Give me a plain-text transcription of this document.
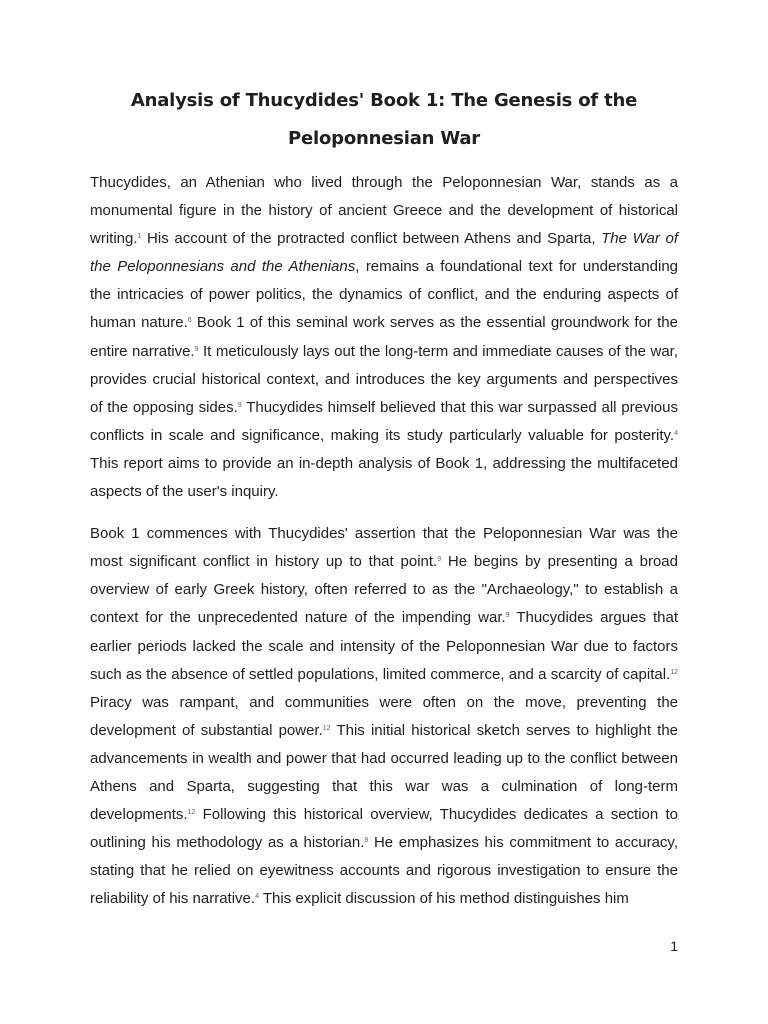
Analysis of Thucydides' Book 1: The Genesis of the
Peloponnesian War

Thucydides, an Athenian who lived through the Peloponnesian War, stands as a monumental figure in the history of ancient Greece and the development of historical writing.$^1$ His account of the protracted conflict between Athens and Sparta, The War of the Peloponnesians and the Athenians, remains a foundational text for understanding the intricacies of power politics, the dynamics of conflict, and the enduring aspects of human nature.$^6$ Book 1 of this seminal work serves as the essential groundwork for the entire narrative.$^9$ It meticulously lays out the long-term and immediate causes of the war, provides crucial historical context, and introduces the key arguments and perspectives of the opposing sides.$^9$ Thucydides himself believed that this war surpassed all previous conflicts in scale and significance, making its study particularly valuable for posterity.$^4$ This report aims to provide an in-depth analysis of Book 1, addressing the multifaceted aspects of the user's inquiry.

Book 1 commences with Thucydides' assertion that the Peloponnesian War was the most significant conflict in history up to that point.$^9$ He begins by presenting a broad overview of early Greek history, often referred to as the "Archaeology," to establish a context for the unprecedented nature of the impending war.$^9$ Thucydides argues that earlier periods lacked the scale and intensity of the Peloponnesian War due to factors such as the absence of settled populations, limited commerce, and a scarcity of capital.$^{12}$ Piracy was rampant, and communities were often on the move, preventing the development of substantial power.$^{12}$ This initial historical sketch serves to highlight the advancements in wealth and power that had occurred leading up to the conflict between Athens and Sparta, suggesting that this war was a culmination of long-term developments.$^{12}$ Following this historical overview, Thucydides dedicates a section to outlining his methodology as a historian.$^9$ He emphasizes his commitment to accuracy, stating that he relied on eyewitness accounts and rigorous investigation to ensure the reliability of his narrative.$^4$ This explicit discussion of his method distinguishes him

1
